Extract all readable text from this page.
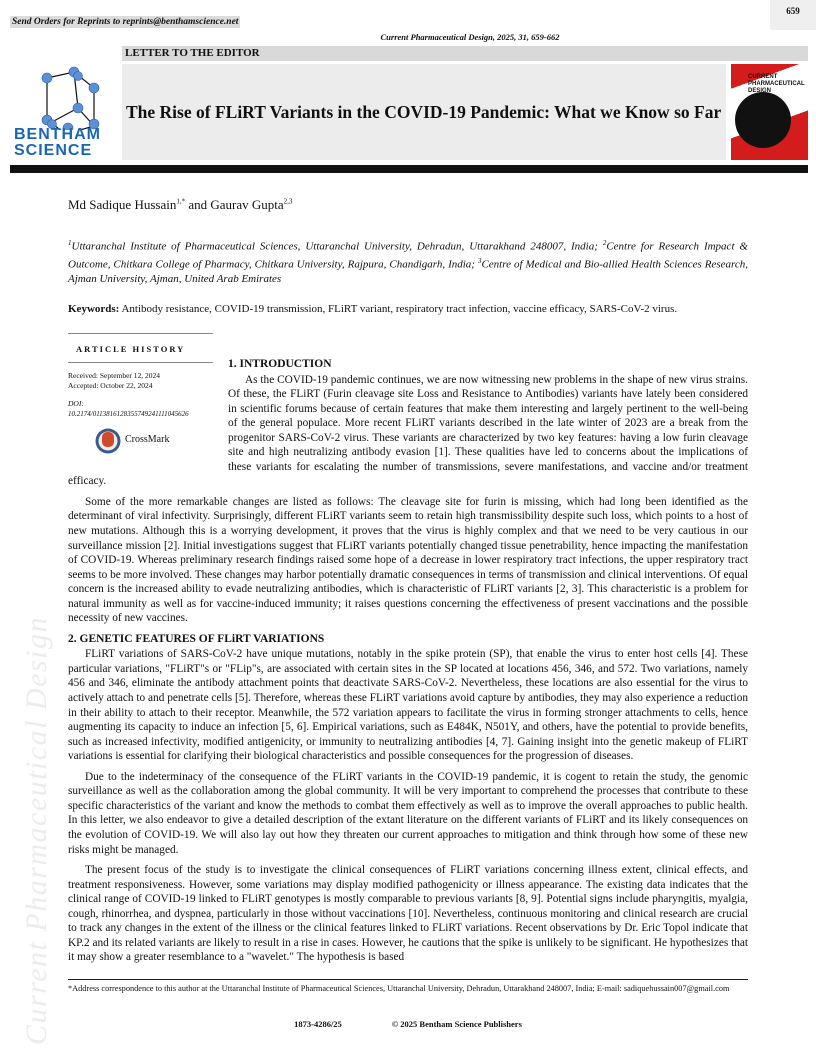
Current Pharmaceutical Design
659
Send Orders for Reprints to reprints@benthamscience.net
Current Pharmaceutical Design, 2025, 31, 659-662
LETTER TO THE EDITOR
BENTHAM
SCIENCE
The Rise of FLiRT Variants in the COVID-19 Pandemic: What we Know so Far
CURRENT PHARMACEUTICAL DESIGN
Md Sadique Hussain$^{1,*}$ and Gaurav Gupta$^{2,3}$
$^1$Uttaranchal Institute of Pharmaceutical Sciences, Uttaranchal University, Dehradun, Uttarakhand 248007, India; $^2$Centre for Research Impact & Outcome, Chitkara College of Pharmacy, Chitkara University, Rajpura, Chandigarh, India; $^3$Centre of Medical and Bio-allied Health Sciences Research, Ajman University, Ajman, United Arab Emirates
Keywords: Antibody resistance, COVID-19 transmission, FLiRT variant, respiratory tract infection, vaccine efficacy, SARS-CoV-2 virus.
ARTICLE HISTORY
Received: September 12, 2024
Accepted: October 22, 2024
DOI:
10.2174/0113816128355749241111045626
CrossMark
1. INTRODUCTION

As the COVID-19 pandemic continues, we are now witnessing new problems in the shape of new virus strains. Of these, the FLiRT (Furin cleavage site Loss and Resistance to Antibodies) variants have lately been considered in scientific forums because of certain features that make them interesting and largely pertinent to the well-being of the general populace. More recent FLiRT variants described in the late winter of 2023 are a break from the progenitor SARS-CoV-2 virus. These variants are characterized by two key features: having a low furin cleavage site and high neutralizing antibody evasion [1]. These qualities have led to concerns about the implications of these variants for escalating the number of transmissions, severe manifestations, and vaccine and/or treatment efficacy.

Some of the more remarkable changes are listed as follows: The cleavage site for furin is missing, which had long been identified as the determinant of viral infectivity. Surprisingly, different FLiRT variants seem to retain high transmissibility despite such loss, which points to a host of new mutations. Although this is a worrying development, it proves that the virus is highly complex and that we need to be very cautious in our surveillance mission [2]. Initial investigations suggest that FLiRT variants potentially changed tissue penetrability, hence impacting the manifestation of COVID-19. Whereas preliminary research findings raised some hope of a decrease in lower respiratory tract infections, the upper respiratory tract seems to be more involved. These changes may harbor potentially dramatic consequences in terms of transmission and clinical interventions. Of equal concern is the increased ability to evade neutralizing antibodies, which is characteristic of FLiRT variants [2, 3]. This characteristic is a problem for natural immunity as well as for vaccine-induced immunity; it raises questions concerning the effectiveness of present vaccinations and the possible necessity of new vaccines.

2. GENETIC FEATURES OF FLiRT VARIATIONS

FLiRT variations of SARS-CoV-2 have unique mutations, notably in the spike protein (SP), that enable the virus to enter host cells [4]. These particular variations, "FLiRT"s or "FLip"s, are associated with certain sites in the SP located at locations 456, 346, and 572. Two variations, namely 456 and 346, eliminate the antibody attachment points that deactivate SARS-CoV-2. Nevertheless, these locations are also essential for the virus to actively attach to and penetrate cells [5]. Therefore, whereas these FLiRT variations avoid capture by antibodies, they may also experience a reduction in their ability to attach to their receptor. Meanwhile, the 572 variation appears to facilitate the virus in forming stronger attachments to cells, hence augmenting its capacity to induce an infection [5, 6]. Empirical variations, such as E484K, N501Y, and others, have the potential to provide benefits, such as increased infectivity, modified antigenicity, or immunity to neutralizing antibodies [4, 7]. Gaining insight into the genetic makeup of FLiRT variations is essential for clarifying their biological characteristics and possible consequences for the progression of diseases.

Due to the indeterminacy of the consequence of the FLiRT variants in the COVID-19 pandemic, it is cogent to retain the study, the genomic surveillance as well as the collaboration among the global community. It will be very important to comprehend the processes that contribute to these specific characteristics of the variant and know the methods to combat them effectively as well as to improve the overall approaches to public health. In this letter, we also endeavor to give a detailed description of the extant literature on the different variants of FLiRT and its likely consequences on the evolution of COVID-19. We will also lay out how they threaten our current approaches to mitigation and think through how some of these new risks might be managed.

The present focus of the study is to investigate the clinical consequences of FLiRT variations concerning illness extent, clinical effects, and treatment responsiveness. However, some variations may display modified pathogenicity or illness appearance. The existing data indicates that the clinical range of COVID-19 linked to FLiRT genotypes is mostly comparable to previous variants [8, 9]. Potential signs include pharyngitis, myalgia, cough, rhinorrhea, and dyspnea, particularly in those without vaccinations [10]. Nevertheless, continuous monitoring and clinical research are crucial to track any changes in the extent of the illness or the clinical features linked to FLiRT variations. Recent observations by Dr. Eric Topol indicate that KP.2 and its related variants are likely to result in a rise in cases. However, he cautions that the spike is unlikely to be significant. He hypothesizes that it may show a greater resemblance to a "wavelet." The hypothesis is based

*Address correspondence to this author at the Uttaranchal Institute of Pharmaceutical Sciences, Uttaranchal University, Dehradun, Uttarakhand 248007, India; E-mail: sadiquehussain007@gmail.com
1873-4286/25	© 2025 Bentham Science Publishers
